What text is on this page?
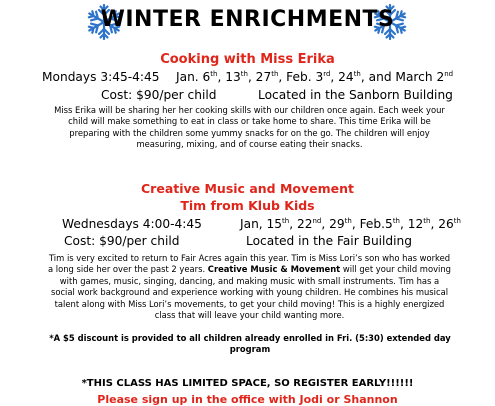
WINTER ENRICHMENTS
Cooking with Miss Erika
Mondays 3:45-4:45 Jan. 6th, 13th, 27th, Feb. 3rd, 24th, and March 2nd
Cost: $90/per child	Located in the Sanborn Building
Miss Erika will be sharing her her cooking skills with our children once again. Each week your child will make something to eat in class or take home to share. This time Erika will be preparing with the children some yummy snacks for on the go. The children will enjoy measuring, mixing, and of course eating their snacks.
Creative Music and Movement
Tim from Klub Kids
Wednesdays 4:00-4:45	Jan, 15th, 22nd, 29th, Feb.5th, 12th, 26th
Cost: $90/per child	Located in the Fair Building
Tim is very excited to return to Fair Acres again this year. Tim is Miss Lori’s son who has worked a long side her over the past 2 years. Creative Music & Movement will get your child moving with games, music, singing, dancing, and making music with small instruments. Tim has a social work background and experience working with young children. He combines his musical talent along with Miss Lori’s movements, to get your child moving! This is a highly energized class that will leave your child wanting more.
*A $5 discount is provided to all children already enrolled in Fri. (5:30) extended day program
*THIS CLASS HAS LIMITED SPACE, SO REGISTER EARLY!!!!!!
Please sign up in the office with Jodi or Shannon
